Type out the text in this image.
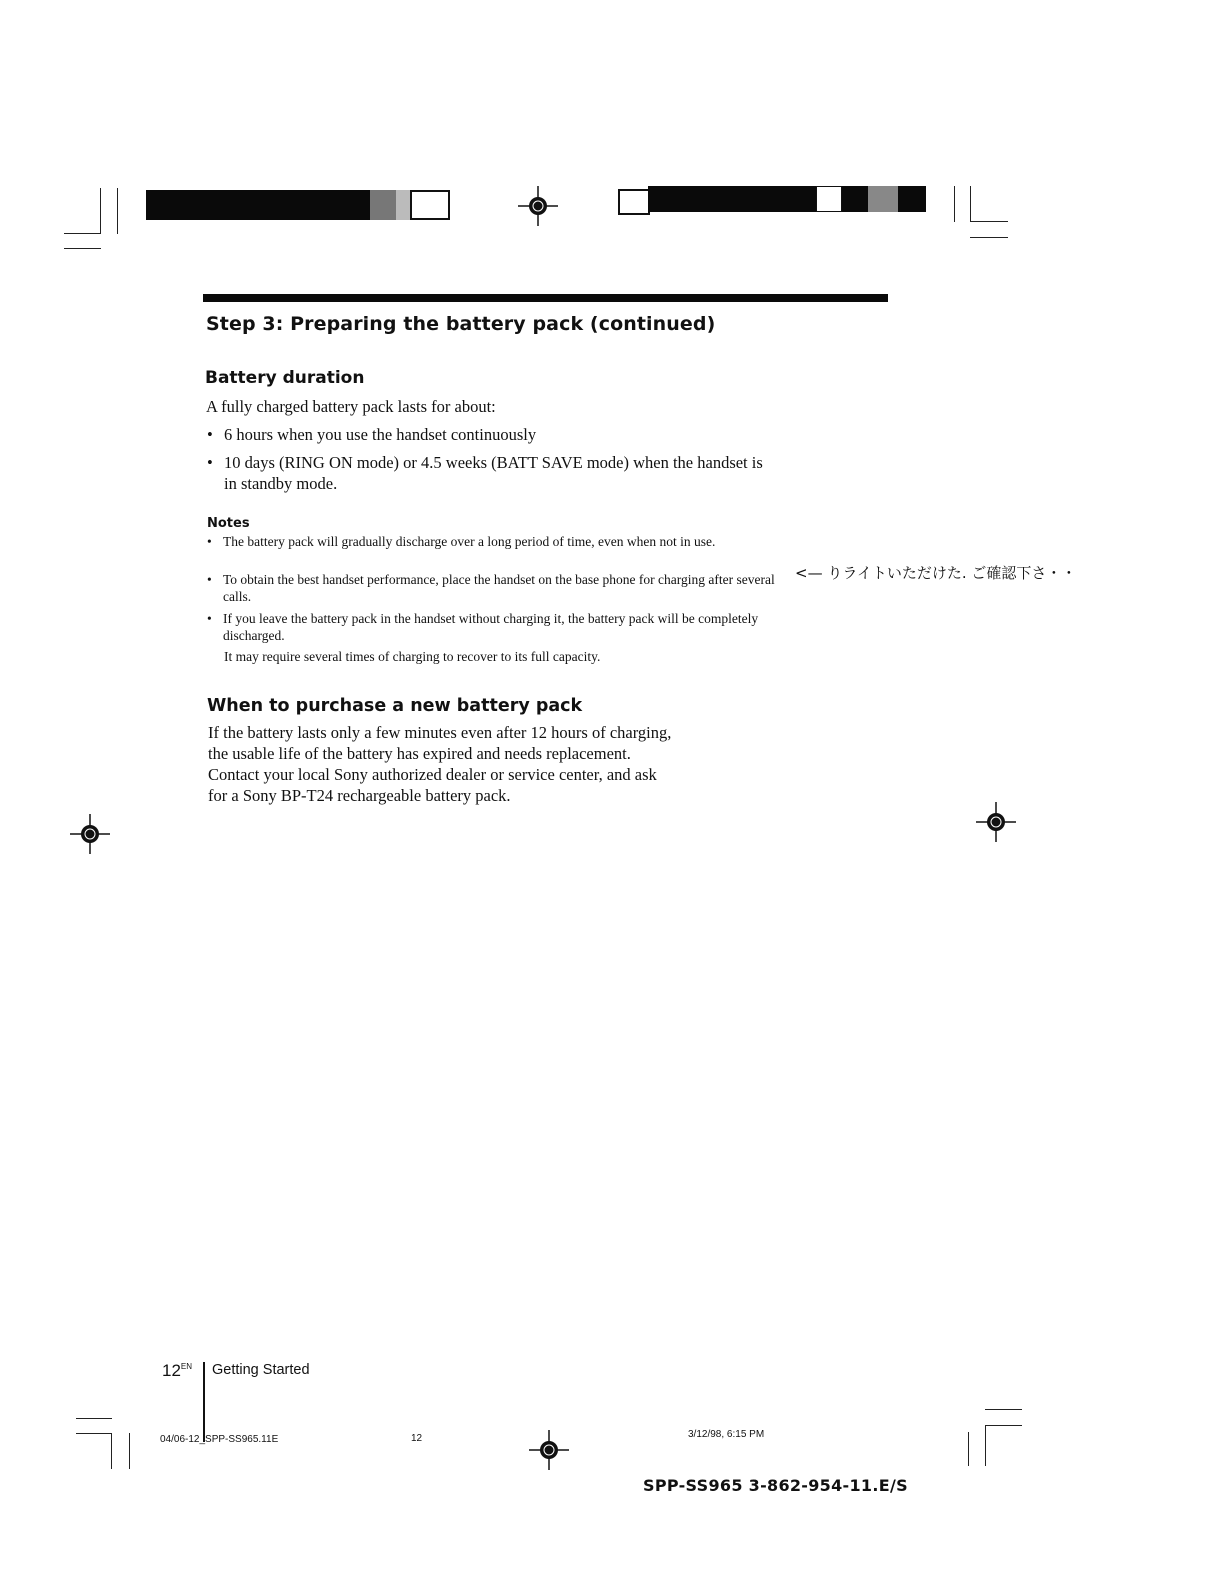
Step 3: Preparing the battery pack (continued)
Battery duration
A fully charged battery pack lasts for about:
• 6 hours when you use the handset continuously
• 10 days (RING ON mode) or 4.5 weeks (BATT SAVE mode) when the handset is in standby mode.
Notes
• The battery pack will gradually discharge over a long period of time, even when not in use.
• To obtain the best handset performance, place the handset on the base phone for charging after several calls.
• If you leave the battery pack in the handset without charging it, the battery pack will be completely discharged.
It may require several times of charging to recover to its full capacity.
<— りライトいただけた. ご確認下さ・・
When to purchase a new battery pack
If the battery lasts only a few minutes even after 12 hours of charging,
the usable life of the battery has expired and needs replacement.
Contact your local Sony authorized dealer or service center, and ask
for a Sony BP-T24 rechargeable battery pack.
$12^{EN}$ Getting Started
04/06-12_SPP-SS965.11E	12	3/12/98, 6:15 PM
SPP-SS965 3-862-954-11.E/S
